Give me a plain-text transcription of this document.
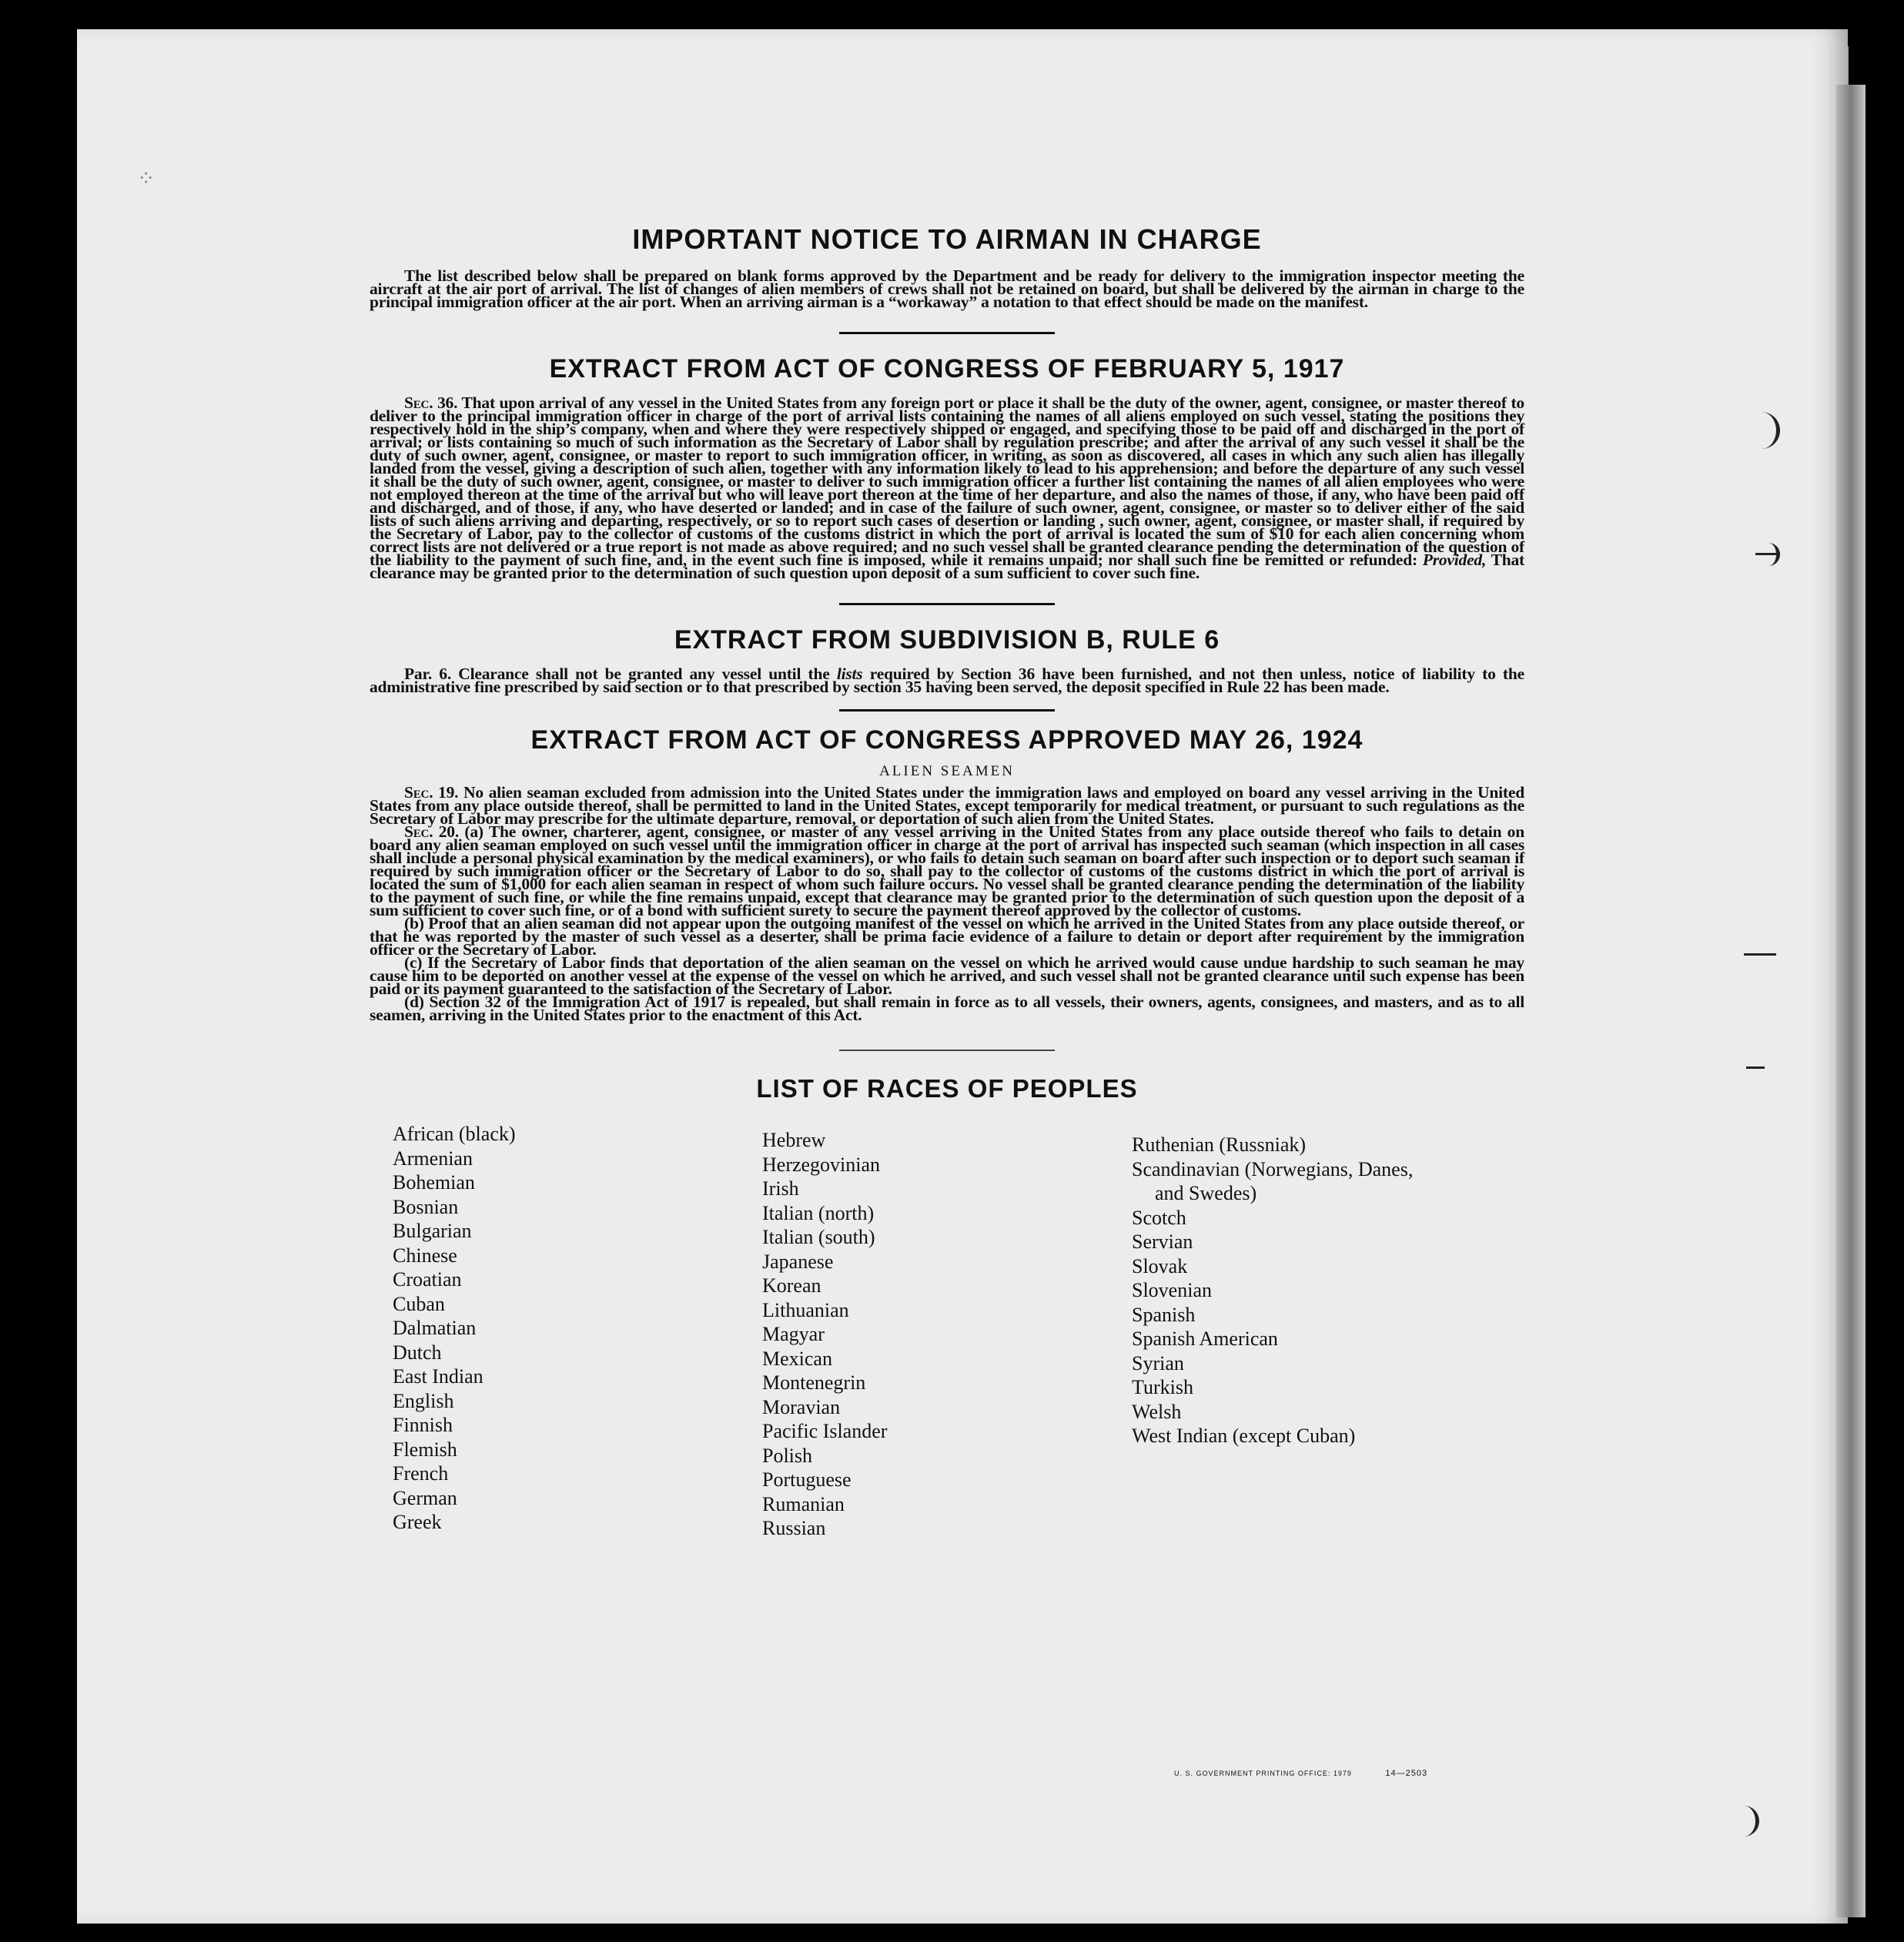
⁘
IMPORTANT NOTICE TO AIRMAN IN CHARGE

The list described below shall be prepared on blank forms approved by the Department and be ready for delivery to the immigration inspector meeting the aircraft at the air port of arrival. The list of changes of alien members of crews shall not be retained on board, but shall be delivered by the airman in charge to the principal immigration officer at the air port. When an arriving airman is a “workaway” a notation to that effect should be made on the manifest.

EXTRACT FROM ACT OF CONGRESS OF FEBRUARY 5, 1917

Sec. 36. That upon arrival of any vessel in the United States from any foreign port or place it shall be the duty of the owner, agent, consignee, or master thereof to deliver to the principal immigration officer in charge of the port of arrival lists containing the names of all aliens employed on such vessel, stating the positions they respectively hold in the ship’s company, when and where they were respectively shipped or engaged, and specifying those to be paid off and discharged in the port of arrival; or lists containing so much of such information as the Secretary of Labor shall by regulation prescribe; and after the arrival of any such vessel it shall be the duty of such owner, agent, consignee, or master to report to such immigration officer, in writing, as soon as discovered, all cases in which any such alien has illegally landed from the vessel, giving a description of such alien, together with any information likely to lead to his apprehension; and before the departure of any such vessel it shall be the duty of such owner, agent, consignee, or master to deliver to such immigration officer a further list containing the names of all alien employees who were not employed thereon at the time of the arrival but who will leave port thereon at the time of her departure, and also the names of those, if any, who have been paid off and discharged, and of those, if any, who have deserted or landed; and in case of the failure of such owner, agent, consignee, or master so to deliver either of the said lists of such aliens arriving and departing, respectively, or so to report such cases of desertion or landing , such owner, agent, consignee, or master shall, if required by the Secretary of Labor, pay to the collector of customs of the customs district in which the port of arrival is located the sum of $10 for each alien concerning whom correct lists are not delivered or a true report is not made as above required; and no such vessel shall be granted clearance pending the determination of the question of the liability to the payment of such fine, and, in the event such fine is imposed, while it remains unpaid; nor shall such fine be remitted or refunded: Provided, That clearance may be granted prior to the determination of such question upon deposit of a sum sufficient to cover such fine.

EXTRACT FROM SUBDIVISION B, RULE 6

Par. 6. Clearance shall not be granted any vessel until the lists required by Section 36 have been furnished, and not then unless, notice of liability to the administrative fine prescribed by said section or to that prescribed by section 35 having been served, the deposit specified in Rule 22 has been made.

EXTRACT FROM ACT OF CONGRESS APPROVED MAY 26, 1924
ALIEN SEAMEN

Sec. 19. No alien seaman excluded from admission into the United States under the immigration laws and employed on board any vessel arriving in the United States from any place outside thereof, shall be permitted to land in the United States, except temporarily for medical treatment, or pursuant to such regulations as the Secretary of Labor may prescribe for the ultimate departure, removal, or deportation of such alien from the United States.

Sec. 20. (a) The owner, charterer, agent, consignee, or master of any vessel arriving in the United States from any place outside thereof who fails to detain on board any alien seaman employed on such vessel until the immigration officer in charge at the port of arrival has inspected such seaman (which inspection in all cases shall include a personal physical examination by the medical examiners), or who fails to detain such seaman on board after such inspection or to deport such seaman if required by such immigration officer or the Secretary of Labor to do so, shall pay to the collector of customs of the customs district in which the port of arrival is located the sum of $1,000 for each alien seaman in respect of whom such failure occurs. No vessel shall be granted clearance pending the determination of the liability to the payment of such fine, or while the fine remains unpaid, except that clearance may be granted prior to the determination of such question upon the deposit of a sum sufficient to cover such fine, or of a bond with sufficient surety to secure the payment thereof approved by the collector of customs.

(b) Proof that an alien seaman did not appear upon the outgoing manifest of the vessel on which he arrived in the United States from any place outside thereof, or that he was reported by the master of such vessel as a deserter, shall be prima facie evidence of a failure to detain or deport after requirement by the immigration officer or the Secretary of Labor.

(c) If the Secretary of Labor finds that deportation of the alien seaman on the vessel on which he arrived would cause undue hardship to such seaman he may cause him to be deported on another vessel at the expense of the vessel on which he arrived, and such vessel shall not be granted clearance until such expense has been paid or its payment guaranteed to the satisfaction of the Secretary of Labor.

(d) Section 32 of the Immigration Act of 1917 is repealed, but shall remain in force as to all vessels, their owners, agents, consignees, and masters, and as to all seamen, arriving in the United States prior to the enactment of this Act.

LIST OF RACES OF PEOPLES
African (black)
Armenian
Bohemian
Bosnian
Bulgarian
Chinese
Croatian
Cuban
Dalmatian
Dutch
East Indian
English
Finnish
Flemish
French
German
Greek
Hebrew
Herzegovinian
Irish
Italian (north)
Italian (south)
Japanese
Korean
Lithuanian
Magyar
Mexican
Montenegrin
Moravian
Pacific Islander
Polish
Portuguese
Rumanian
Russian
Ruthenian (Russniak)
Scandinavian (Norwegians, Danes,
and Swedes)
Scotch
Servian
Slovak
Slovenian
Spanish
Spanish American
Syrian
Turkish
Welsh
West Indian (except Cuban)
U. S. GOVERNMENT PRINTING OFFICE: 1979	14—2503
